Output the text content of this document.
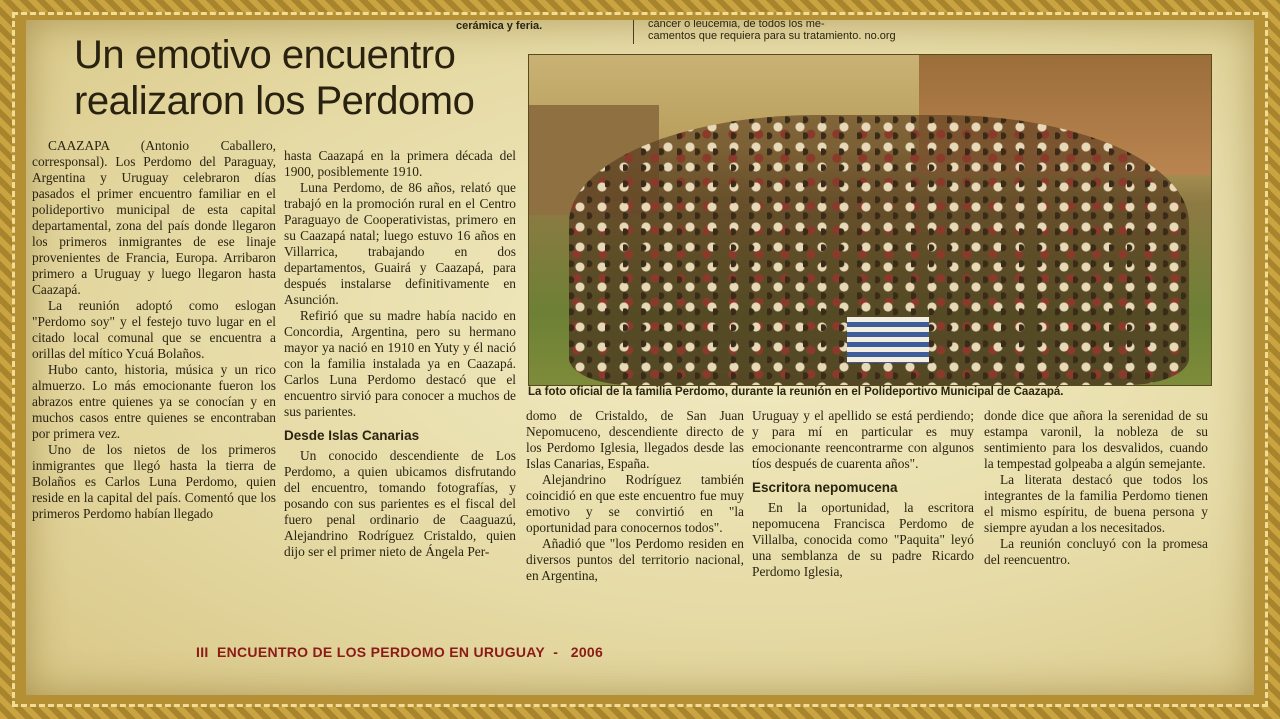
cerámica y feria.	cáncer o leucemia, de todos los me-
camentos que requiera para su tratamiento. no.org
Un emotivo encuentro
realizaron los Perdomo

CAAZAPA (Antonio Caballero, corresponsal). Los Perdomo del Paraguay, Argentina y Uruguay celebraron días pasados el primer encuentro familiar en el polideportivo municipal de esta capital departamental, zona del país donde llegaron los primeros inmigrantes de ese linaje provenientes de Francia, Europa. Arribaron primero a Uruguay y luego llegaron hasta Caazapá.

La reunión adoptó como eslogan "Perdomo soy" y el festejo tuvo lugar en el citado local comunal que se encuentra a orillas del mítico Ycuá Bolaños.

Hubo canto, historia, música y un rico almuerzo. Lo más emocionante fueron los abrazos entre quienes ya se conocían y en muchos casos entre quienes se encontraban por primera vez.

Uno de los nietos de los primeros inmigrantes que llegó hasta la tierra de Bolaños es Carlos Luna Perdomo, quien reside en la capital del país. Comentó que los primeros Perdomo habían llegado

hasta Caazapá en la primera década del 1900, posiblemente 1910.

Luna Perdomo, de 86 años, relató que trabajó en la promoción rural en el Centro Paraguayo de Cooperativistas, primero en su Caazapá natal; luego estuvo 16 años en Villarrica, trabajando en dos departamentos, Guairá y Caazapá, para después instalarse definitivamente en Asunción.

Refirió que su madre había nacido en Concordia, Argentina, pero su hermano mayor ya nació en 1910 en Yuty y él nació con la familia instalada ya en Caazapá. Carlos Luna Perdomo destacó que el encuentro sirvió para conocer a muchos de sus parientes.

Desde Islas Canarias

Un conocido descendiente de Los Perdomo, a quien ubicamos disfrutando del encuentro, tomando fotografías, y posando con sus parientes es el fiscal del fuero penal ordinario de Caaguazú, Alejandrino Rodríguez Cristaldo, quien dijo ser el primer nieto de Ángela Per-

La foto oficial de la familia Perdomo, durante la reunión en el Polideportivo Municipal de Caazapá.

domo de Cristaldo, de San Juan Nepomuceno, descendiente directo de los Perdomo Iglesia, llegados desde las Islas Canarias, España.

Alejandrino Rodríguez también coincidió en que este encuentro fue muy emotivo y se convirtió en "la oportunidad para conocernos todos".

Añadió que "los Perdomo residen en diversos puntos del territorio nacional, en Argentina,

Uruguay y el apellido se está perdiendo; y para mí en particular es muy emocionante reencontrarme con algunos tíos después de cuarenta años".

Escritora nepomucena

En la oportunidad, la escritora nepomucena Francisca Perdomo de Villalba, conocida como "Paquita" leyó una semblanza de su padre Ricardo Perdomo Iglesia,

donde dice que añora la serenidad de su estampa varonil, la nobleza de su sentimiento para los desvalidos, cuando la tempestad golpeaba a algún semejante.

La literata destacó que todos los integrantes de la familia Perdomo tienen el mismo espíritu, de buena persona y siempre ayudan a los necesitados.

La reunión concluyó con la promesa del reencuentro.

III  ENCUENTRO DE LOS PERDOMO EN URUGUAY  -   2006
